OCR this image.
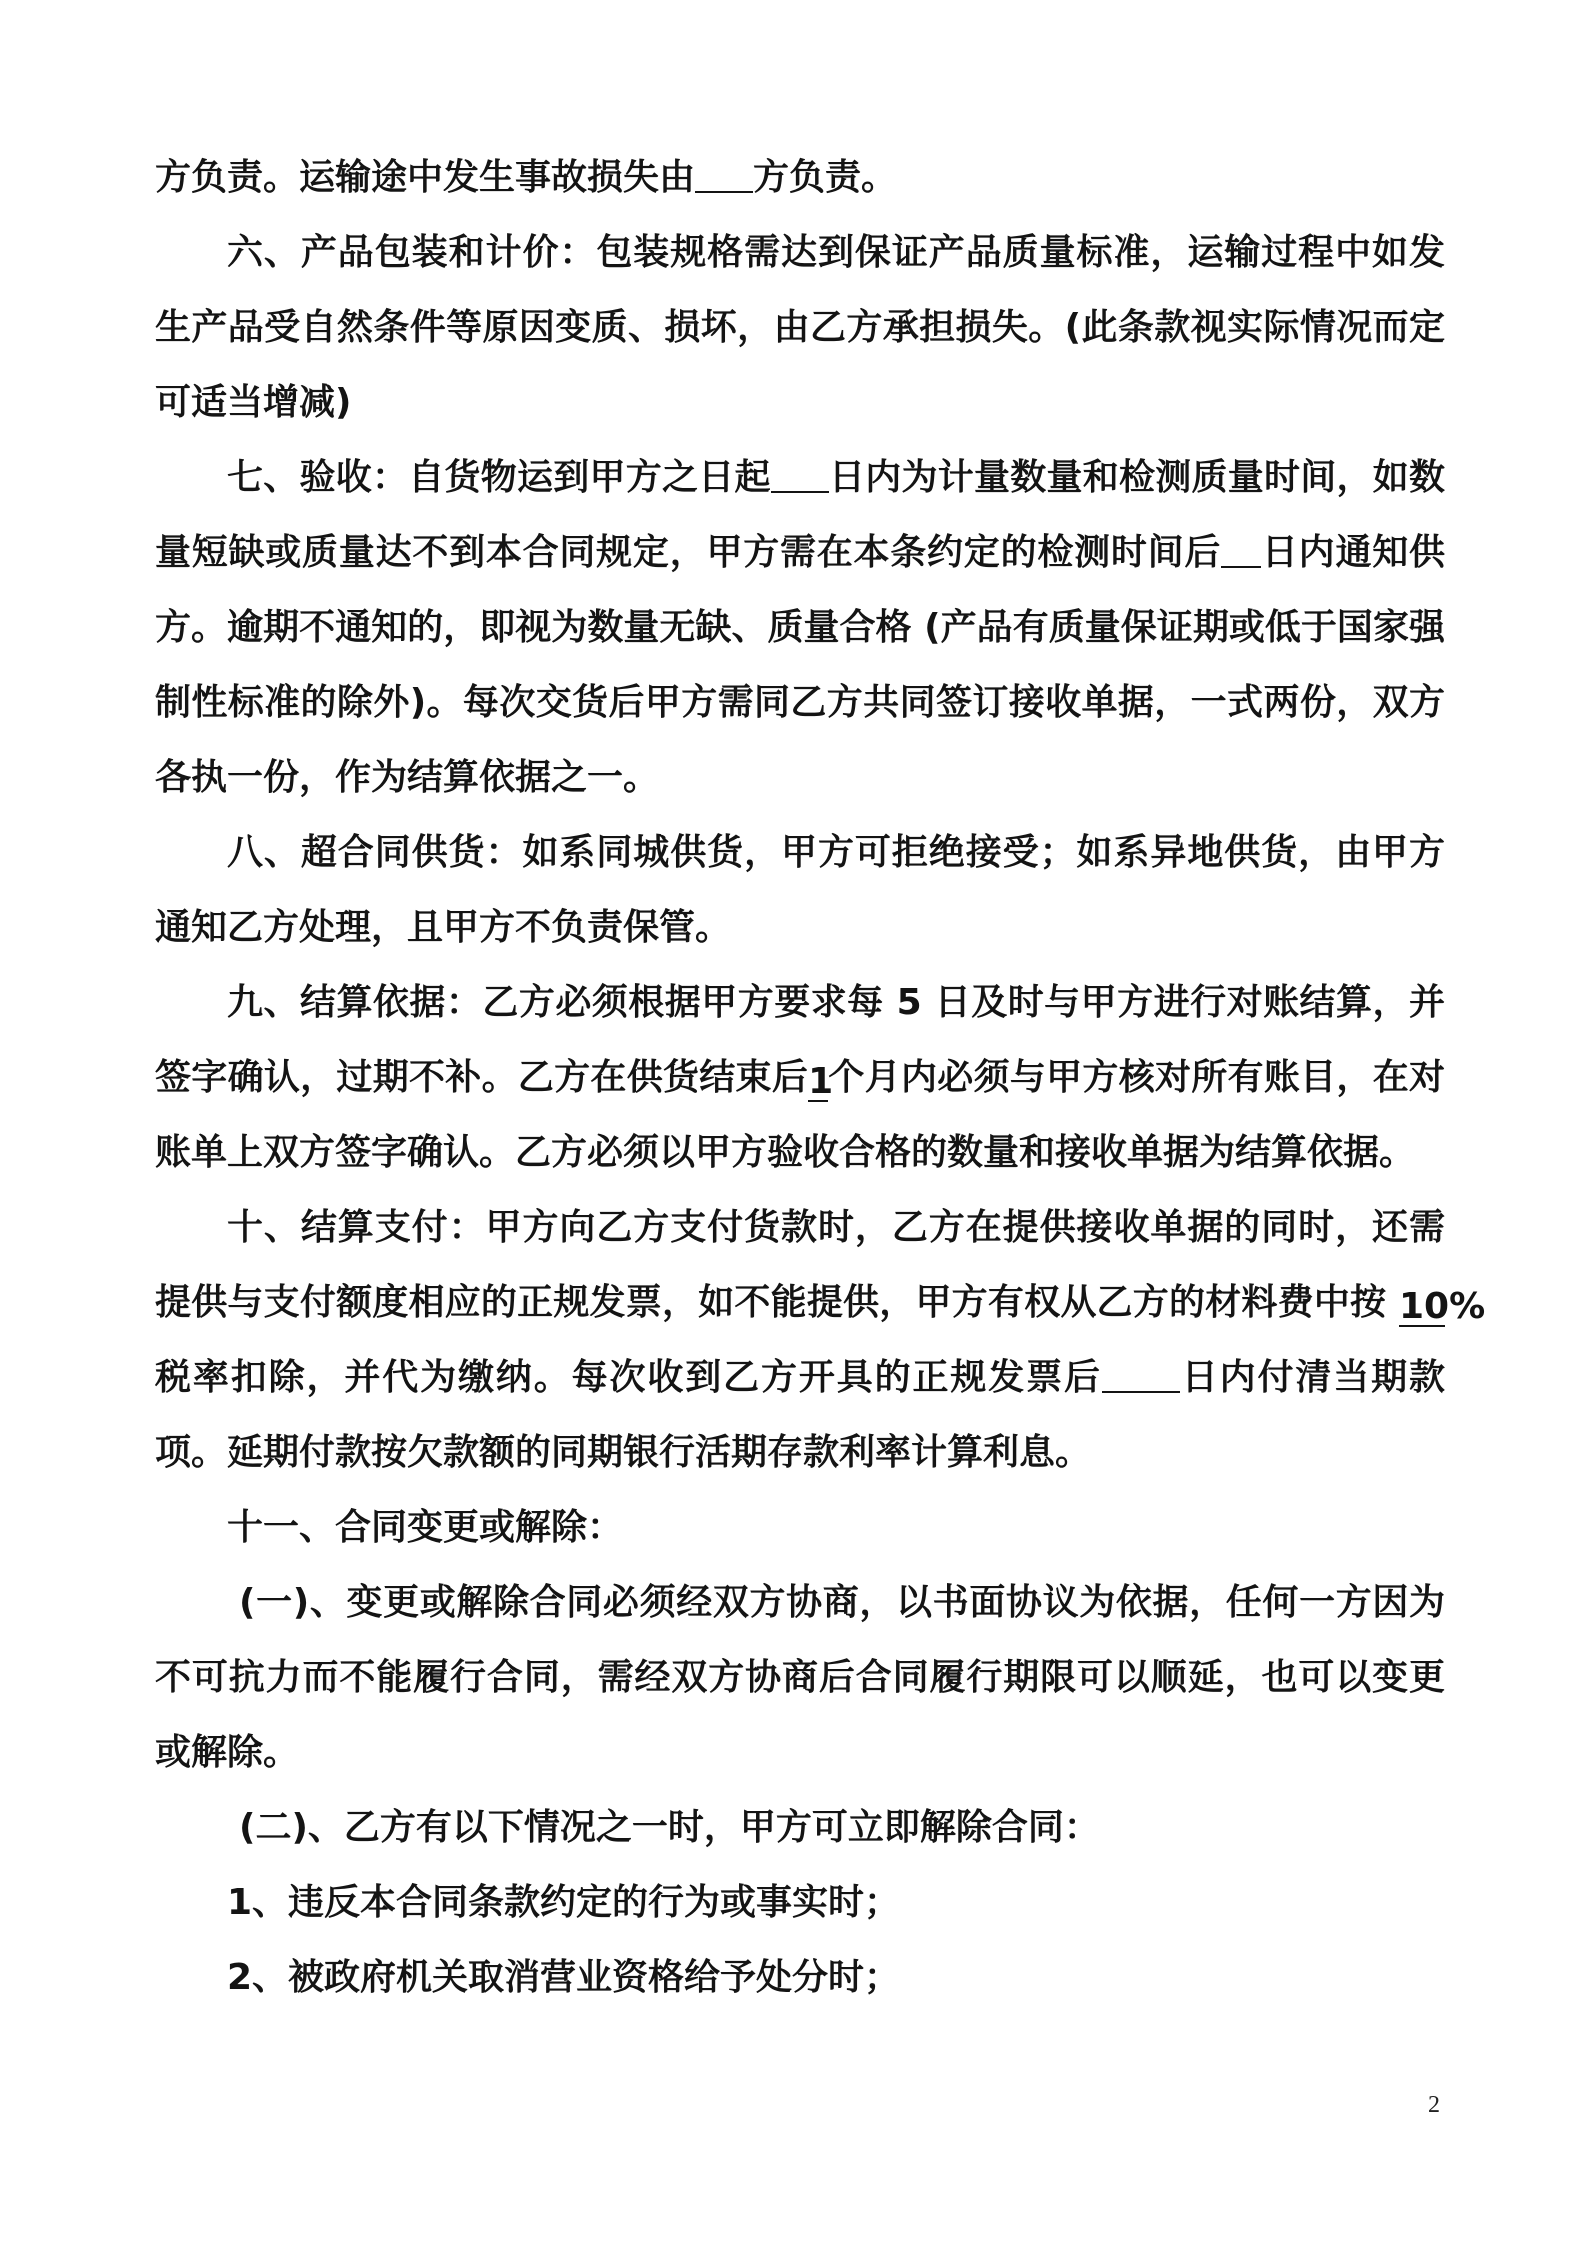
方负责。运输途中发生事故损失由 方负责。

六、产品包装和计价：包装规格需达到保证产品质量标准，运输过程中如发生产品受自然条件等原因变质、损坏，由乙方承担损失。(此条款视实际情况而定可适当增减)

七、验收：自货物运到甲方之日起 日内为计量数量和检测质量时间，如数量短缺或质量达不到本合同规定，甲方需在本条约定的检测时间后 日内通知供方。逾期不通知的，即视为数量无缺、质量合格 (产品有质量保证期或低于国家强制性标准的除外)。每次交货后甲方需同乙方共同签订接收单据，一式两份，双方各执一份，作为结算依据之一。

八、超合同供货：如系同城供货，甲方可拒绝接受；如系异地供货，由甲方通知乙方处理，且甲方不负责保管。

九、结算依据：乙方必须根据甲方要求每 5 日及时与甲方进行对账结算，并签字确认，过期不补。乙方在供货结束后1个月内必须与甲方核对所有账目，在对账单上双方签字确认。乙方必须以甲方验收合格的数量和接收单据为结算依据。

十、结算支付：甲方向乙方支付货款时，乙方在提供接收单据的同时，还需提供与支付额度相应的正规发票，如不能提供，甲方有权从乙方的材料费中按 10%税率扣除，并代为缴纳。每次收到乙方开具的正规发票后 日内付清当期款项。延期付款按欠款额的同期银行活期存款利率计算利息。

十一、合同变更或解除：

(一)、变更或解除合同必须经双方协商，以书面协议为依据，任何一方因为不可抗力而不能履行合同，需经双方协商后合同履行期限可以顺延，也可以变更或解除。

(二)、乙方有以下情况之一时，甲方可立即解除合同：

1、违反本合同条款约定的行为或事实时；

2、被政府机关取消营业资格给予处分时；

2
